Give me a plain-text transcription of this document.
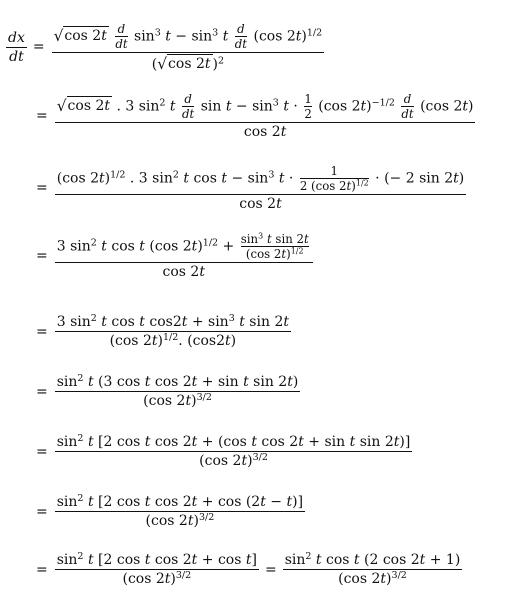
$\frac{dx}{dt}$ =
√ cos 2t
$\frac{d}{dt} \sin^3 t - \sin^3 t \frac{d}{dt} (\cos$ 2t)$^{1/2}$
( √ cos 2t )$^2$
=
√ cos 2t . 3 $\sin^2 t \frac{d}{dt}$ $\sin t - \sin^3 t \cdot \frac{1}{2} (\cos$ $2t)^{-1/2} \frac{d}{dt} (\cos$ 2t)
cos 2t
=
(cos 2t)$^{1/2}$ . 3 $\sin^2 t$ $\cos t - \sin^3 t \cdot \frac{1}{2 (\cos 2t)^{1/2}}$ · (− 2 sin 2t)
cos 2t
=
3 $\sin^2 t$ cos t (cos $2t)^{1/2} + \frac{\sin^3 t \sin 2t}{(\cos 2t)^{1/2}}$
cos 2t
= $\frac{3 \sin^2 t \cos t \cos 2t + \sin^3 t \sin 2t}{(\cos 2t)^{1/2}. (\cos 2t)}$
= $\frac{\sin^2 t (3 \cos t \cos 2t + \sin t \sin 2t)}{(\cos 2t)^{3/2}}$
= $\frac{\sin^2 t [2 \cos t \cos 2t + (\cos t \cos 2t + \sin t \sin 2t)]}{(\cos 2t)^{3/2}}$
= $\frac{\sin^2 t [2 \cos t \cos 2t + \cos (2t - t)]}{(\cos 2t)^{3/2}}$
= $\frac{\sin^2 t [2 \cos t \cos 2t + \cos t]}{(\cos 2t)^{3/2}} = \frac{\sin^2 t \cos t (2 \cos 2t + 1)}{(\cos 2t)^{3/2}}$
